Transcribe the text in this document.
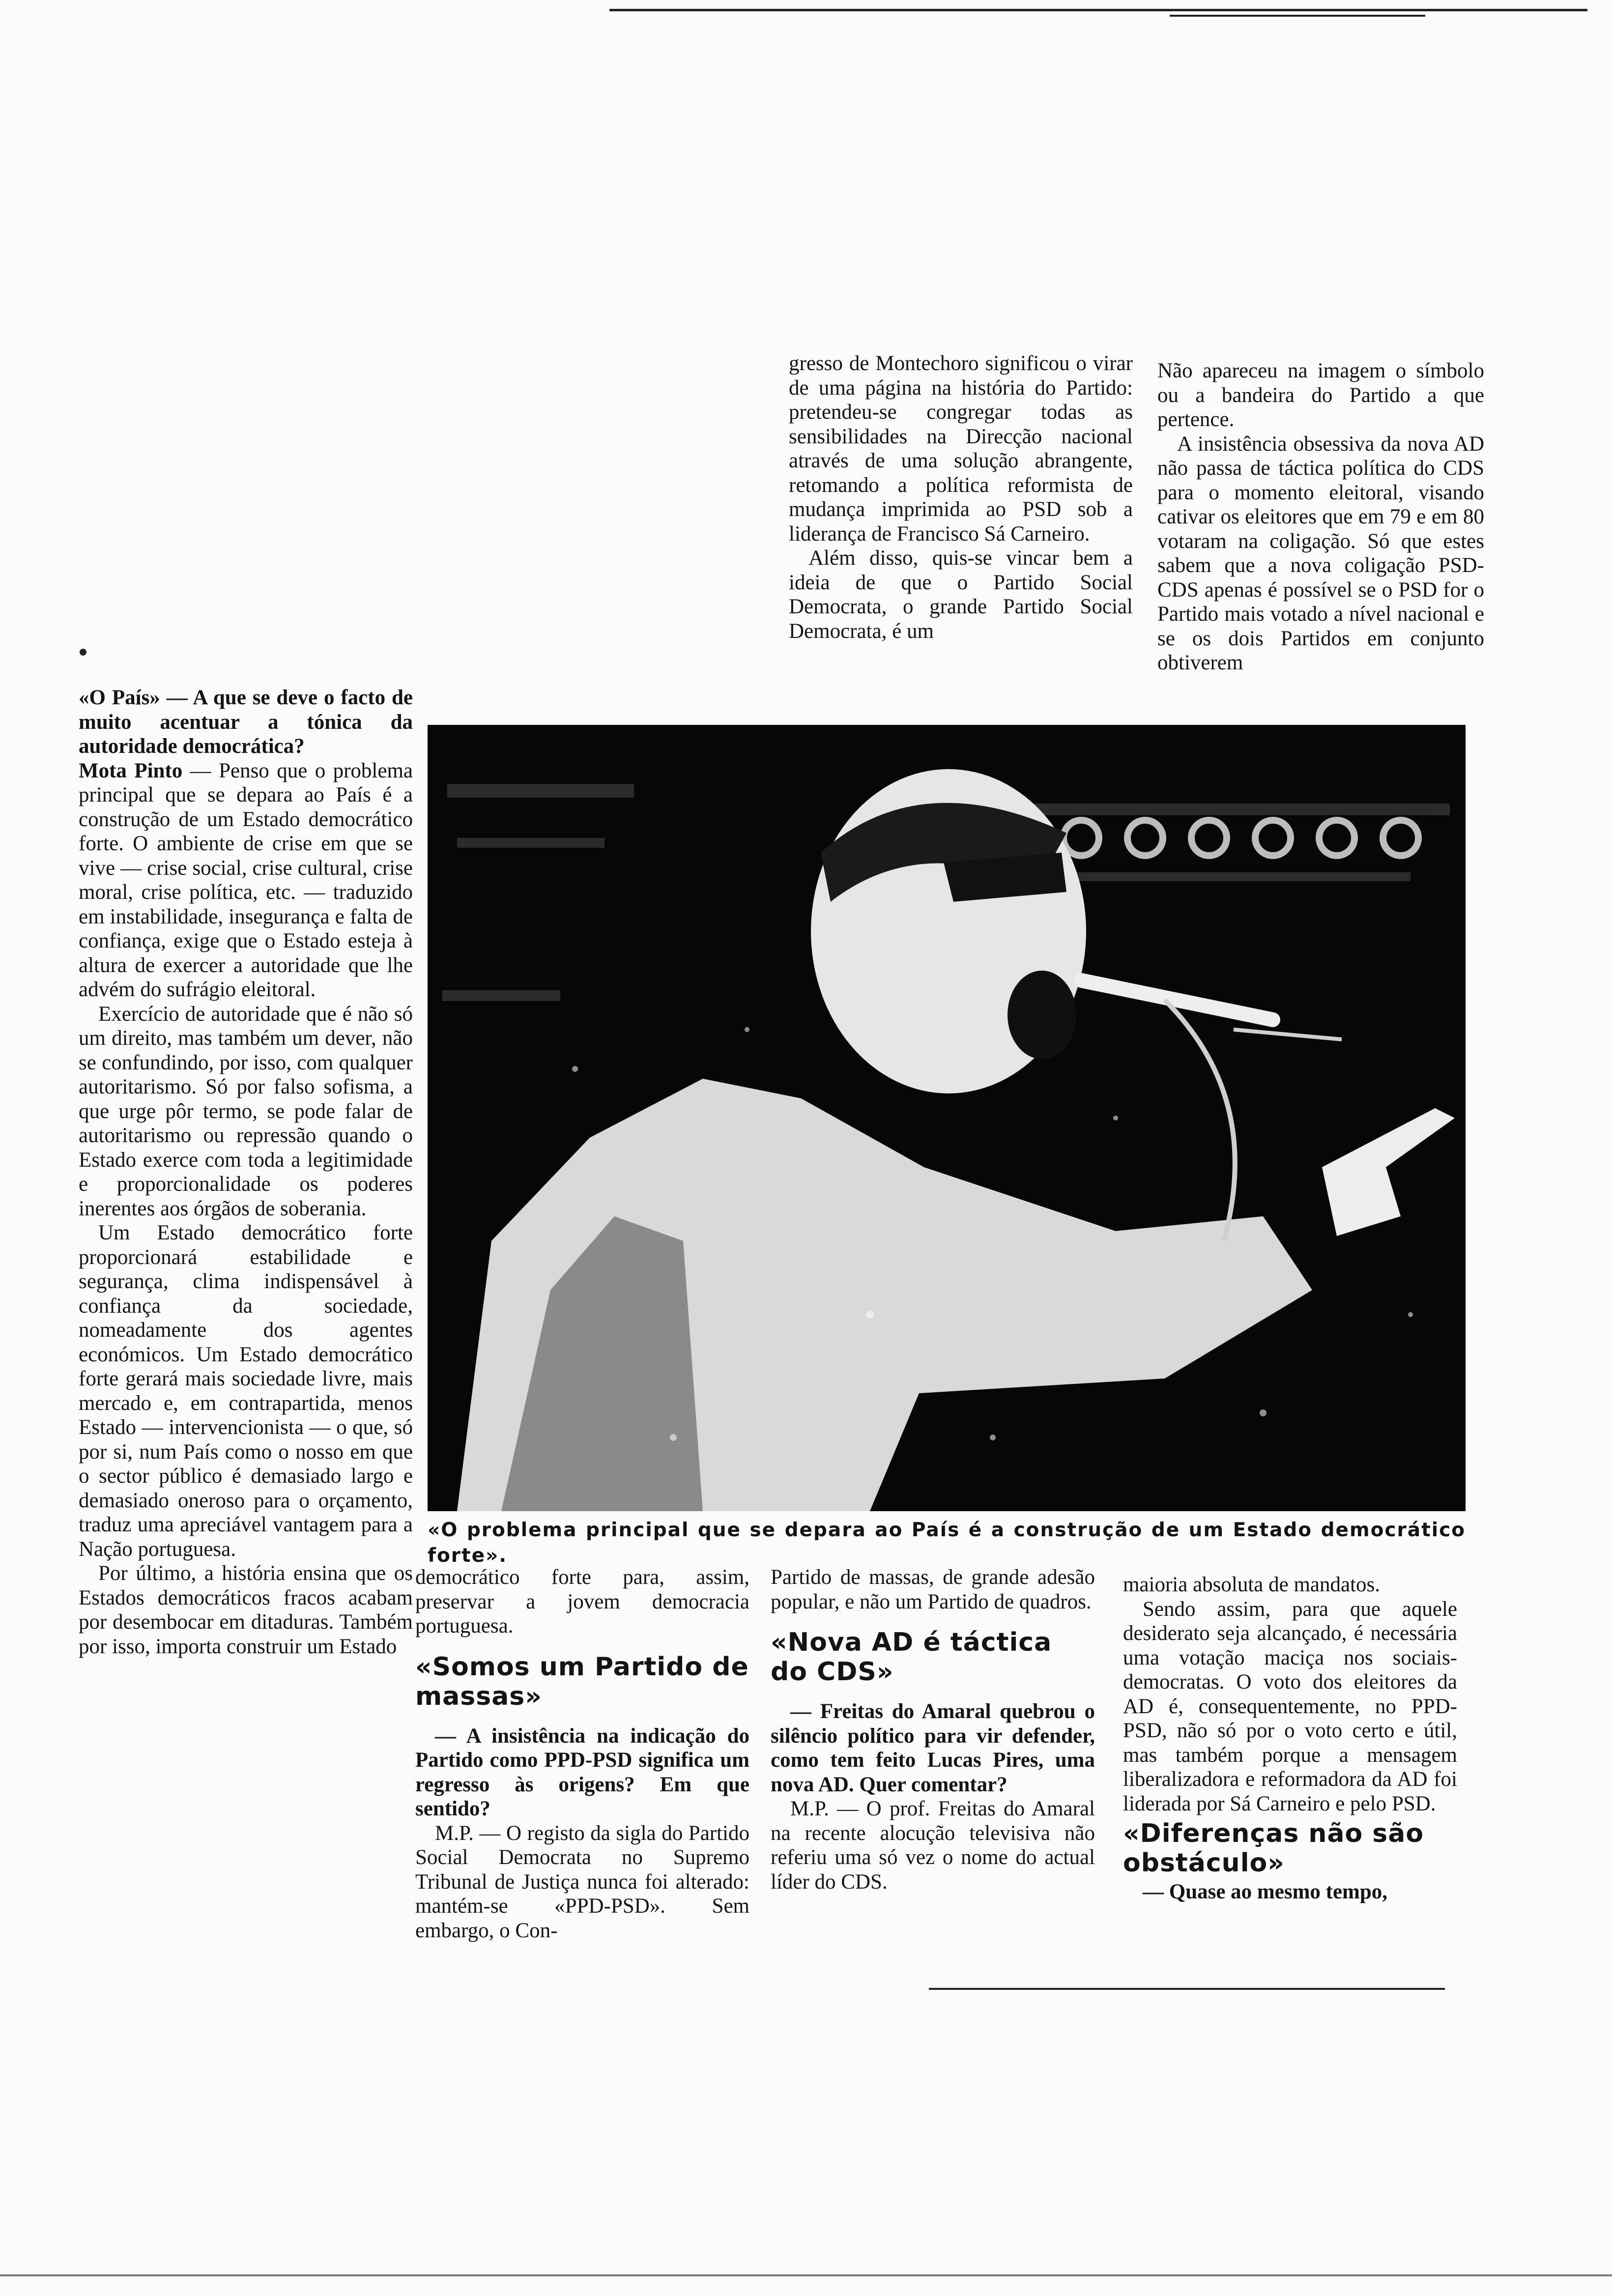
«O País» — A que se deve o facto de muito acentuar a tónica da autoridade democrática?

Mota Pinto — Penso que o problema principal que se depara ao País é a construção de um Estado democrático forte. O ambiente de crise em que se vive — crise social, crise cultural, crise moral, crise política, etc. — traduzido em instabilidade, insegurança e falta de confiança, exige que o Estado esteja à altura de exercer a autoridade que lhe advém do sufrágio eleitoral.

Exercício de autoridade que é não só um direito, mas também um dever, não se confundindo, por isso, com qualquer autoritarismo. Só por falso sofisma, a que urge pôr termo, se pode falar de autoritarismo ou repressão quando o Estado exerce com toda a legitimidade e proporcionalidade os poderes inerentes aos órgãos de soberania.

Um Estado democrático forte proporcionará estabilidade e segurança, clima indispensável à confiança da sociedade, nomeadamente dos agentes económicos. Um Estado democrático forte gerará mais sociedade livre, mais mercado e, em contrapartida, menos Estado — intervencionista — o que, só por si, num País como o nosso em que o sector público é demasiado largo e demasiado oneroso para o orçamento, traduz uma apreciável vantagem para a Nação portuguesa.

Por último, a história ensina que os Estados democráticos fracos acabam por desembocar em ditaduras. Também por isso, importa construir um Estado

gresso de Montechoro significou o virar de uma página na história do Partido: pretendeu-se congregar todas as sensibilidades na Direcção nacional através de uma solução abrangente, retomando a política reformista de mudança imprimida ao PSD sob a liderança de Francisco Sá Carneiro.

Além disso, quis-se vincar bem a ideia de que o Partido Social Democrata, o grande Partido Social Democrata, é um

Não apareceu na imagem o símbolo ou a bandeira do Partido a que pertence.

A insistência obsessiva da nova AD não passa de táctica política do CDS para o momento eleitoral, visando cativar os eleitores que em 79 e em 80 votaram na coligação. Só que estes sabem que a nova coligação PSD-CDS apenas é possível se o PSD for o Partido mais votado a nível nacional e se os dois Partidos em conjunto obtiverem

«O problema principal que se depara ao País é a construção de um Estado democrático forte».

democrático forte para, assim, preservar a jovem democracia portuguesa.

«Somos um Partido de massas»

— A insistência na indicação do Partido como PPD-PSD significa um regresso às origens? Em que sentido?

M.P. — O registo da sigla do Partido Social Democrata no Supremo Tribunal de Justiça nunca foi alterado: mantém-se «PPD-PSD». Sem embargo, o Con-

Partido de massas, de grande adesão popular, e não um Partido de quadros.

«Nova AD é táctica do CDS»

— Freitas do Amaral quebrou o silêncio político para vir defender, como tem feito Lucas Pires, uma nova AD. Quer comentar?

M.P. — O prof. Freitas do Amaral na recente alocução televisiva não referiu uma só vez o nome do actual líder do CDS.

maioria absoluta de mandatos.

Sendo assim, para que aquele desiderato seja alcançado, é necessária uma votação maciça nos sociais-democratas. O voto dos eleitores da AD é, consequentemente, no PPD-PSD, não só por o voto certo e útil, mas também porque a mensagem liberalizadora e reformadora da AD foi liderada por Sá Carneiro e pelo PSD.

«Diferenças não são obstáculo»

— Quase ao mesmo tempo,
